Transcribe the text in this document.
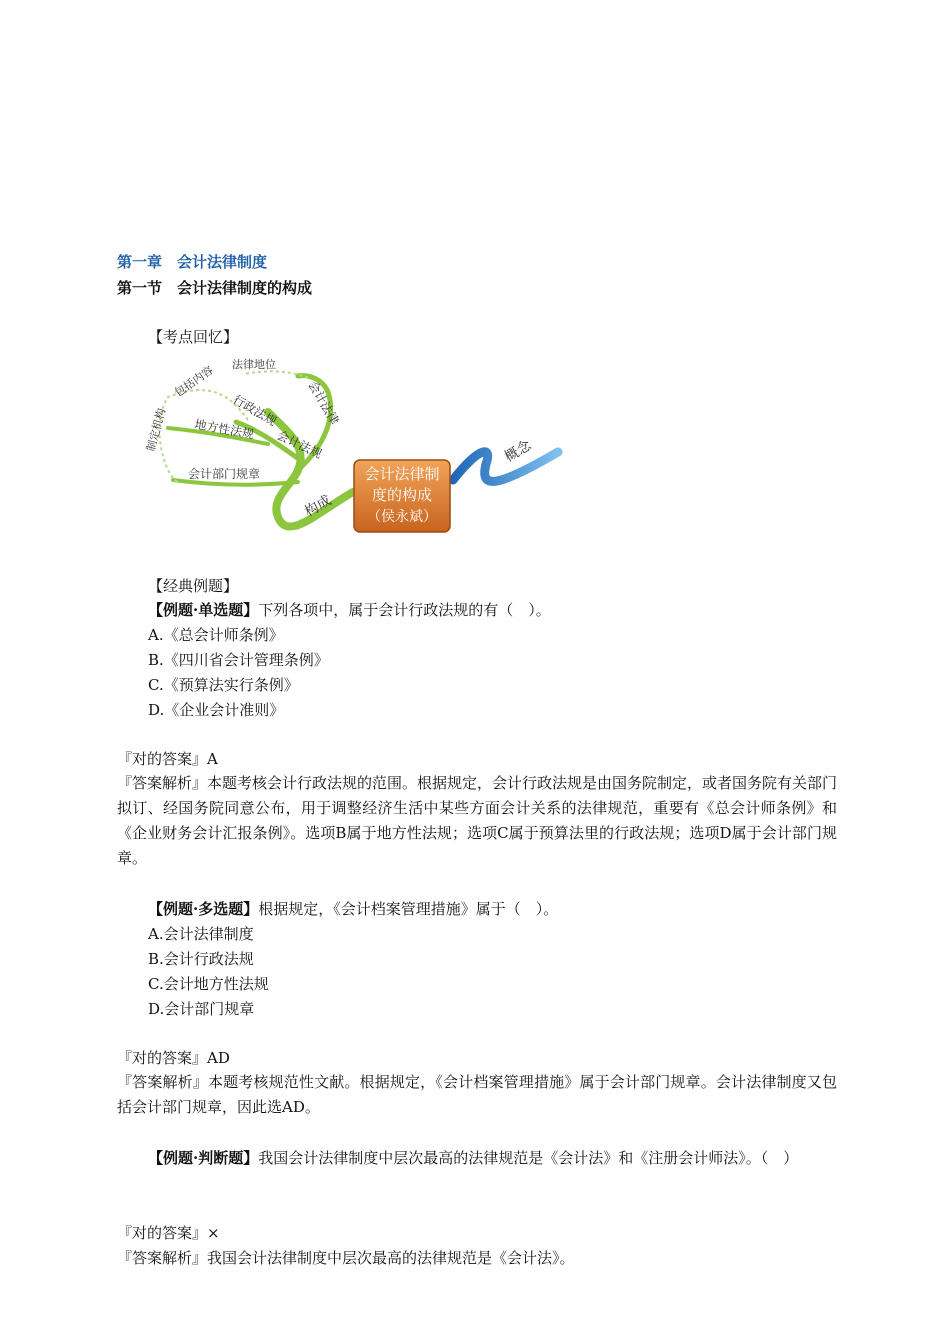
第一章　会计法律制度
第一节　会计法律制度的构成
【考点回忆】
会计法律制
度的构成
（侯永斌）
概念
构成
会计法律
会计法规
行政法规
地方性法规
会计部门规章
法律地位
包括内容
制定机构
【经典例题】
【例题·单选题】下列各项中，属于会计行政法规的有（　）。
A.《总会计师条例》
B.《四川省会计管理条例》
C.《预算法实行条例》
D.《企业会计准则》
『对的答案』A
『答案解析』本题考核会计行政法规的范围。根据规定，会计行政法规是由国务院制定，或者国务院有关部门拟订、经国务院同意公布，用于调整经济生活中某些方面会计关系的法律规范，重要有《总会计师条例》和《企业财务会计汇报条例》。选项B属于地方性法规；选项C属于预算法里的行政法规；选项D属于会计部门规章。
【例题·多选题】根据规定，《会计档案管理措施》属于（　）。
A.会计法律制度
B.会计行政法规
C.会计地方性法规
D.会计部门规章
『对的答案』AD
『答案解析』本题考核规范性文献。根据规定，《会计档案管理措施》属于会计部门规章。会计法律制度又包括会计部门规章，因此选AD。
【例题·判断题】我国会计法律制度中层次最高的法律规范是《会计法》和《注册会计师法》。（　）
『对的答案』×
『答案解析』我国会计法律制度中层次最高的法律规范是《会计法》。
